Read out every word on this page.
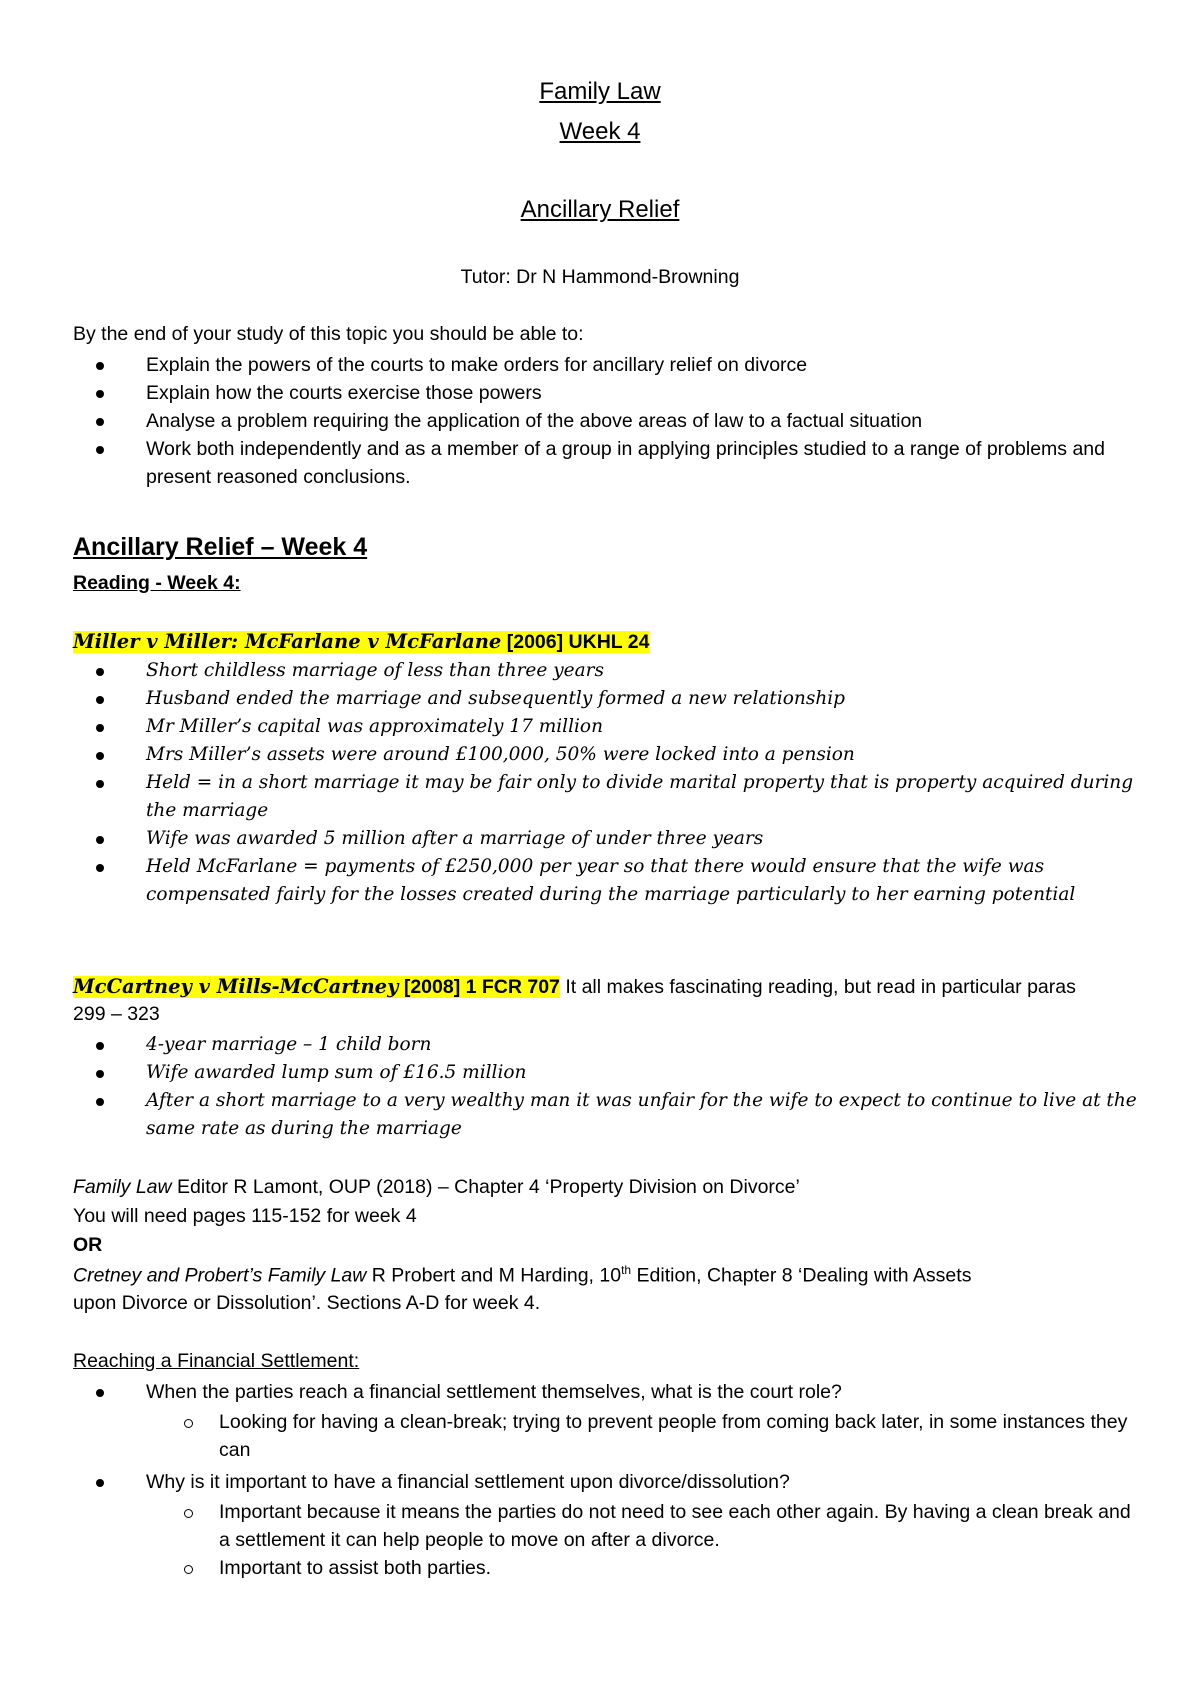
Family Law
Week 4
Ancillary Relief
Tutor: Dr N Hammond-Browning
By the end of your study of this topic you should be able to:
Explain the powers of the courts to make orders for ancillary relief on divorce
Explain how the courts exercise those powers
Analyse a problem requiring the application of the above areas of law to a factual situation
Work both independently and as a member of a group in applying principles studied to a range of problems and present reasoned conclusions.
Ancillary Relief – Week 4
Reading - Week 4:
Miller v Miller: McFarlane v McFarlane [2006] UKHL 24
Short childless marriage of less than three years
Husband ended the marriage and subsequently formed a new relationship
Mr Miller’s capital was approximately 17 million
Mrs Miller’s assets were around £100,000, 50% were locked into a pension
Held = in a short marriage it may be fair only to divide marital property that is property acquired during the marriage
Wife was awarded 5 million after a marriage of under three years
Held McFarlane = payments of £250,000 per year so that there would ensure that the wife was compensated fairly for the losses created during the marriage particularly to her earning potential
McCartney v Mills-McCartney [2008] 1 FCR 707 It all makes fascinating reading, but read in particular paras
299 – 323
4-year marriage – 1 child born
Wife awarded lump sum of £16.5 million
After a short marriage to a very wealthy man it was unfair for the wife to expect to continue to live at the same rate as during the marriage
Family Law Editor R Lamont, OUP (2018) – Chapter 4 ‘Property Division on Divorce’
You will need pages 115-152 for week 4
OR
Cretney and Probert’s Family Law R Probert and M Harding, 10th Edition, Chapter 8 ‘Dealing with Assets
upon Divorce or Dissolution’. Sections A-D for week 4.
Reaching a Financial Settlement:
When the parties reach a financial settlement themselves, what is the court role?
Looking for having a clean-break; trying to prevent people from coming back later, in some instances they can
Why is it important to have a financial settlement upon divorce/dissolution?
Important because it means the parties do not need to see each other again. By having a clean break and a settlement it can help people to move on after a divorce.
Important to assist both parties.
